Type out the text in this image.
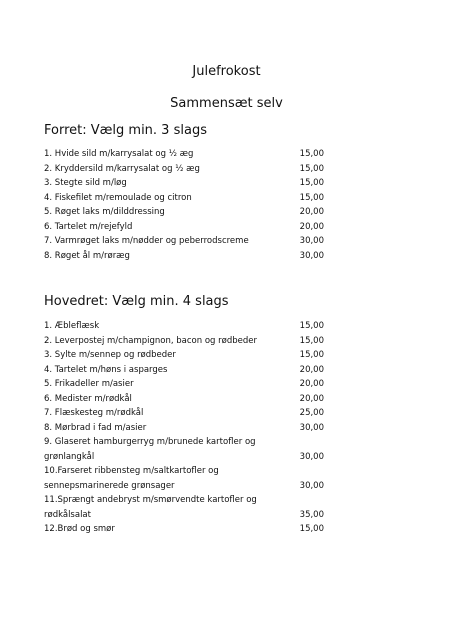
Julefrokost
Sammensæt selv
Forret: Vælg min. 3 slags
1. Hvide sild m/karrysalat og ½ æg	15,00
2. Kryddersild m/karrysalat og ½ æg	15,00
3. Stegte sild m/løg	15,00
4. Fiskefilet m/remoulade og citron	15,00
5. Røget laks m/dilddressing	20,00
6. Tartelet m/rejefyld	20,00
7. Varmrøget laks m/nødder og peberrodscreme	30,00
8. Røget ål m/røræg	30,00
Hovedret: Vælg min. 4 slags
1. Æbleflæsk	15,00
2. Leverpostej m/champignon, bacon og rødbeder	15,00
3. Sylte m/sennep og rødbeder	15,00
4. Tartelet m/høns i asparges	20,00
5. Frikadeller m/asier	20,00
6. Medister m/rødkål	20,00
7. Flæskesteg m/rødkål	25,00
8. Mørbrad i fad m/asier	30,00
9. Glaseret hamburgerryg m/brunede kartofler og grønlangkål	30,00
10.Farseret ribbensteg m/saltkartofler og sennepsmarinerede grønsager	30,00
11.Sprængt andebryst m/smørvendte kartofler og rødkålsalat	35,00
12.Brød og smør	15,00
